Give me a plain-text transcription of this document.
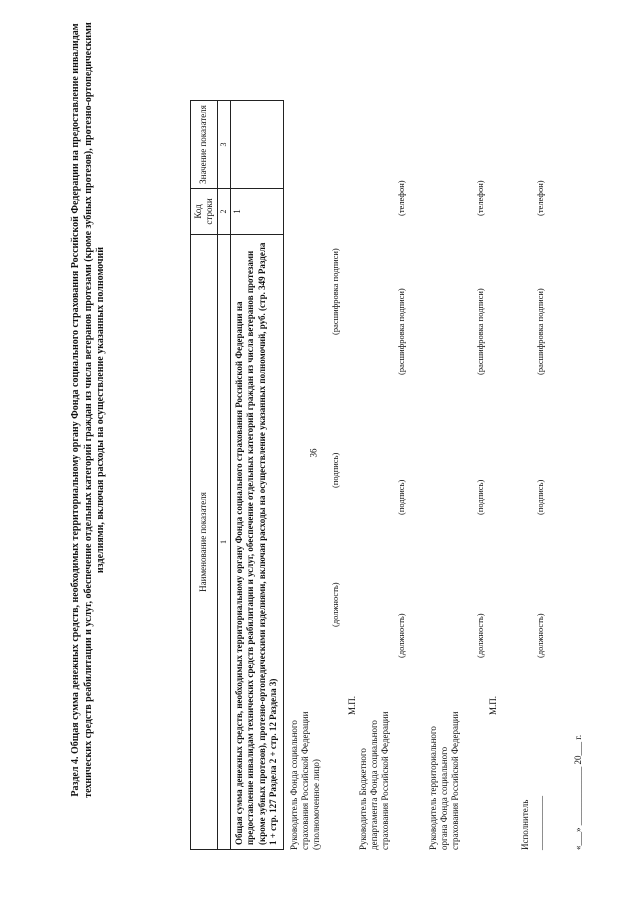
36
Раздел 4. Общая сумма денежных средств, необходимых территориальному органу Фонда социального страхования Российской Федерации на предоставление инвалидам технических средств реабилитации и услуг, обеспечение отдельных категорий граждан из числа ветеранов протезами (кроме зубных протезов), протезно-ортопедическими изделиями, включая расходы на осуществление указанных полномочий	Наименование показателя	Код строки	Значение показателя
1	2	3
Общая сумма денежных средств, необходимых территориальному органу Фонда социального страхования Российской Федерации на предоставление инвалидам технических средств реабилитации и услуг, обеспечение отдельных категорий граждан из числа ветеранов протезами (кроме зубных протезов), протезно-ортопедическими изделиями, включая расходы на осуществление указанных полномочий, руб. (стр. 349 Раздела 1 + стр. 127 Раздела 2 + стр. 12 Раздела 3)	1	
Руководитель Фонда социального страхования Российской Федерации (уполномоченное лицо)
(должность)
(подпись)
(расшифровка подписи)
М.П.
Руководитель Бюджетного департамента Фонда социального страхования Российской Федерации
(должность)
(подпись)
(расшифровка подписи)
(телефон)
Руководитель территориального органа Фонда социального страхования Российской Федерации
(должность)
(подпись)
(расшифровка подписи)
(телефон)
М.П.
Исполнитель ____________
(должность)
(подпись)
(расшифровка подписи)
(телефон)
«___» _____________ 20___ г.
